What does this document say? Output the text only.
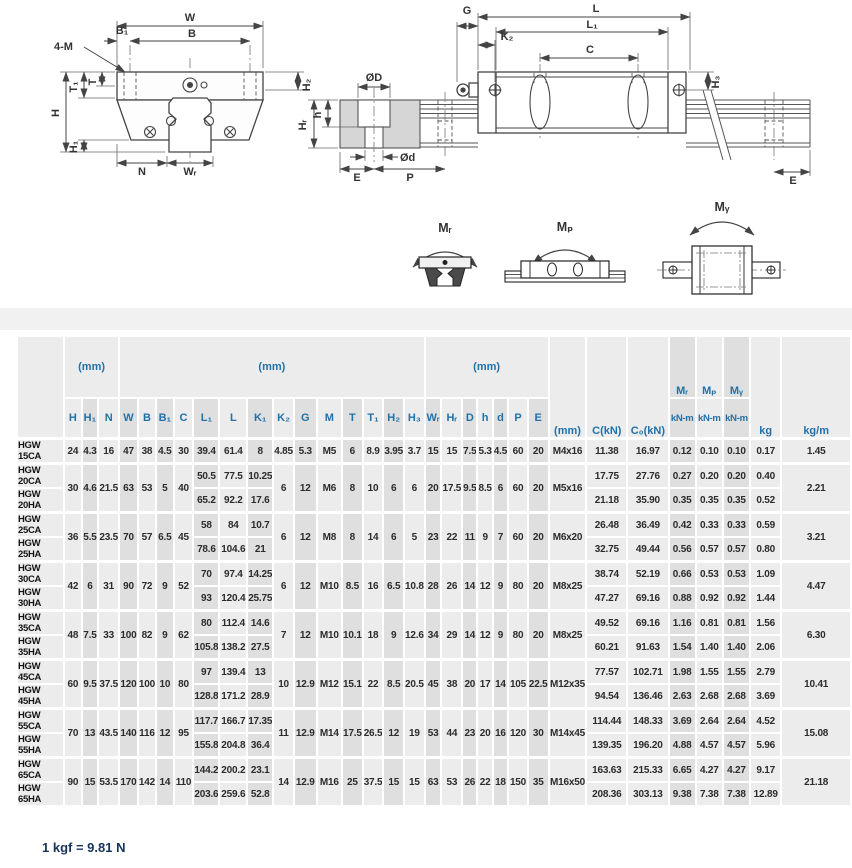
W
B
B₁
4-M
H₂
T
T₁
H
H₁
N	Wᵣ
ØD
Ød
h
Hᵣ
E	P
G	L
L₁
K₂
C
H₃
E
Mᵣ	Mₚ
Mᵧ
	(mm)			(mm)														(mm)							(mm)	C(kN)	C₀(kN)	Mᵣ	Mₚ	Mᵧ	kg	kg/m
	H	H₁	N	W	B	B₁	C	L₁	L	K₁	K₂	G	M	T	T₁	H₂	H₃	Wᵣ	Hᵣ	D	h	d	P	E				kN-m	kN-m	kN-m		
HGW 15CA	24	4.3	16	47	38	4.5	30	39.4	61.4	8	4.85	5.3	M5	6	8.9	3.95	3.7	15	15	7.5	5.3	4.5	60	20	M4x16	11.38	16.97	0.12	0.10	0.10	0.17	1.45
HGW 20CA	30	4.6	21.5	63	53	5	40	50.5	77.5	10.25	6	12	M6	8	10	6	6	20	17.5	9.5	8.5	6	60	20	M5x16	17.75	27.76	0.27	0.20	0.20	0.40	2.21
HGW 20HA								65.2	92.2	17.6																21.18	35.90	0.35	0.35	0.35	0.52	
HGW 25CA	36	5.5	23.5	70	57	6.5	45	58	84	10.7	6	12	M8	8	14	6	5	23	22	11	9	7	60	20	M6x20	26.48	36.49	0.42	0.33	0.33	0.59	3.21
HGW 25HA								78.6	104.6	21																32.75	49.44	0.56	0.57	0.57	0.80	
HGW 30CA	42	6	31	90	72	9	52	70	97.4	14.25	6	12	M10	8.5	16	6.5	10.8	28	26	14	12	9	80	20	M8x25	38.74	52.19	0.66	0.53	0.53	1.09	4.47
HGW 30HA								93	120.4	25.75																47.27	69.16	0.88	0.92	0.92	1.44	
HGW 35CA	48	7.5	33	100	82	9	62	80	112.4	14.6	7	12	M10	10.1	18	9	12.6	34	29	14	12	9	80	20	M8x25	49.52	69.16	1.16	0.81	0.81	1.56	6.30
HGW 35HA								105.8	138.2	27.5																60.21	91.63	1.54	1.40	1.40	2.06	
HGW 45CA	60	9.5	37.5	120	100	10	80	97	139.4	13	10	12.9	M12	15.1	22	8.5	20.5	45	38	20	17	14	105	22.5	M12x35	77.57	102.71	1.98	1.55	1.55	2.79	10.41
HGW 45HA								128.8	171.2	28.9																94.54	136.46	2.63	2.68	2.68	3.69	
HGW 55CA	70	13	43.5	140	116	12	95	117.7	166.7	17.35	11	12.9	M14	17.5	26.5	12	19	53	44	23	20	16	120	30	M14x45	114.44	148.33	3.69	2.64	2.64	4.52	15.08
HGW 55HA								155.8	204.8	36.4																139.35	196.20	4.88	4.57	4.57	5.96	
HGW 65CA	90	15	53.5	170	142	14	110	144.2	200.2	23.1	14	12.9	M16	25	37.5	15	15	63	53	26	22	18	150	35	M16x50	163.63	215.33	6.65	4.27	4.27	9.17	21.18
HGW 65HA								203.6	259.6	52.8																208.36	303.13	9.38	7.38	7.38	12.89	
1 kgf = 9.81 N
